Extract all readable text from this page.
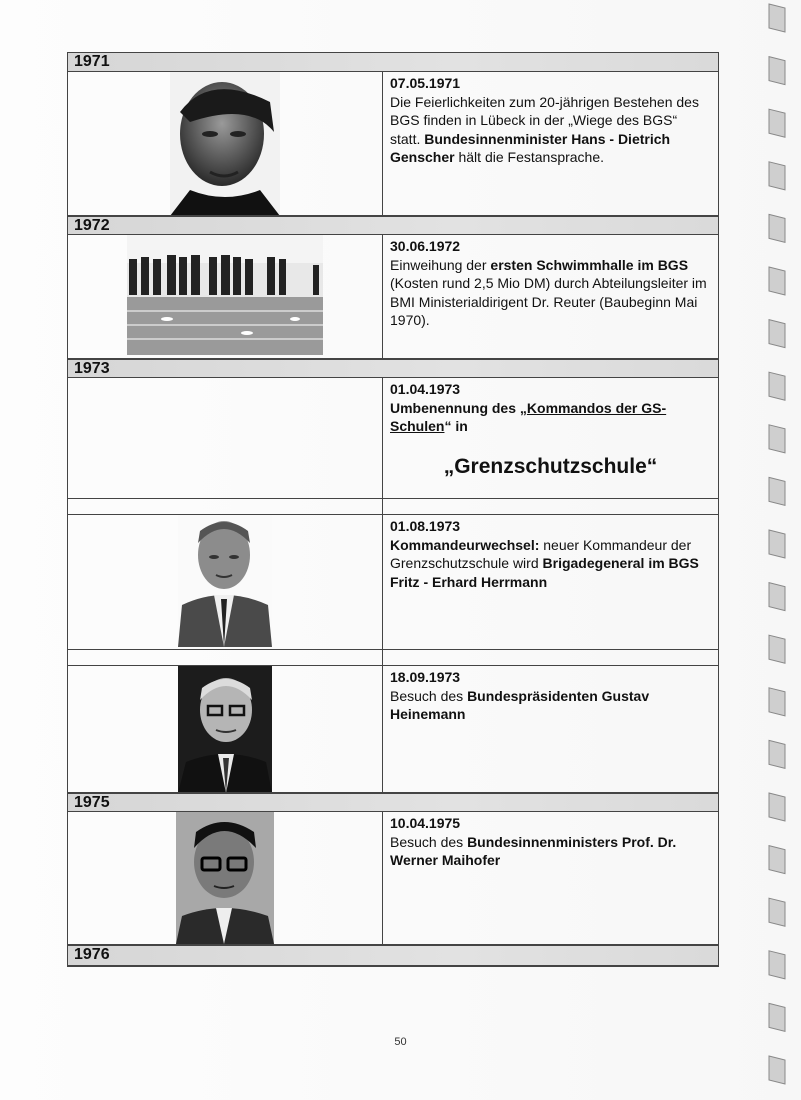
1971
07.05.1971
Die Feierlichkeiten zum 20-jährigen Bestehen des BGS finden in Lübeck in der „Wiege des BGS“ statt. Bundesinnenminister Hans - Dietrich Genscher hält die Festansprache.
1972
30.06.1972
Einweihung der ersten Schwimmhalle im BGS (Kosten rund 2,5 Mio DM) durch Abteilungsleiter im BMI Ministerialdirigent Dr. Reuter (Baubeginn Mai 1970).
1973
01.04.1973
Umbenennung des „Kommandos der GS-Schulen“ in
„Grenzschutzschule“
01.08.1973
Kommandeurwechsel: neuer Kommandeur der Grenzschutzschule wird Brigadegeneral im BGS Fritz - Erhard Herrmann
18.09.1973
Besuch des Bundespräsidenten Gustav Heinemann
1975
10.04.1975
Besuch des Bundesinnenministers Prof. Dr. Werner Maihofer
1976
50
